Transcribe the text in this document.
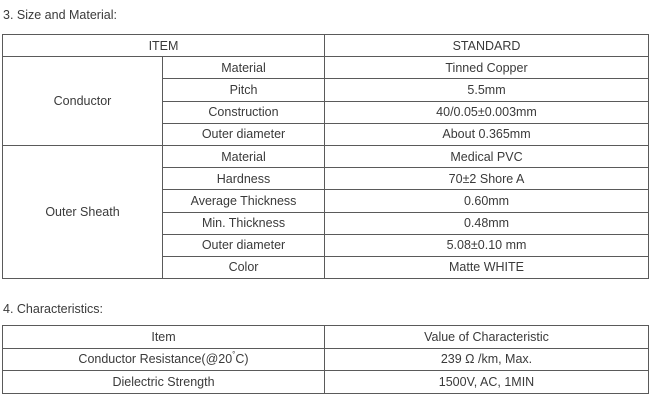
3. Size and Material:
ITEM		STANDARD
Conductor	Material	Tinned Copper
	Pitch	5.5mm
	Construction	40/0.05±0.003mm
	Outer diameter	About 0.365mm
Outer Sheath	Material	Medical PVC
	Hardness	70±2 Shore A
	Average Thickness	0.60mm
	Min. Thickness	0.48mm
	Outer diameter	5.08±0.10 mm
	Color	Matte WHITE
4. Characteristics:
Item	Value of Characteristic
Conductor Resistance(@20°C)	239 Ω /km, Max.
Dielectric Strength	1500V, AC, 1MIN
